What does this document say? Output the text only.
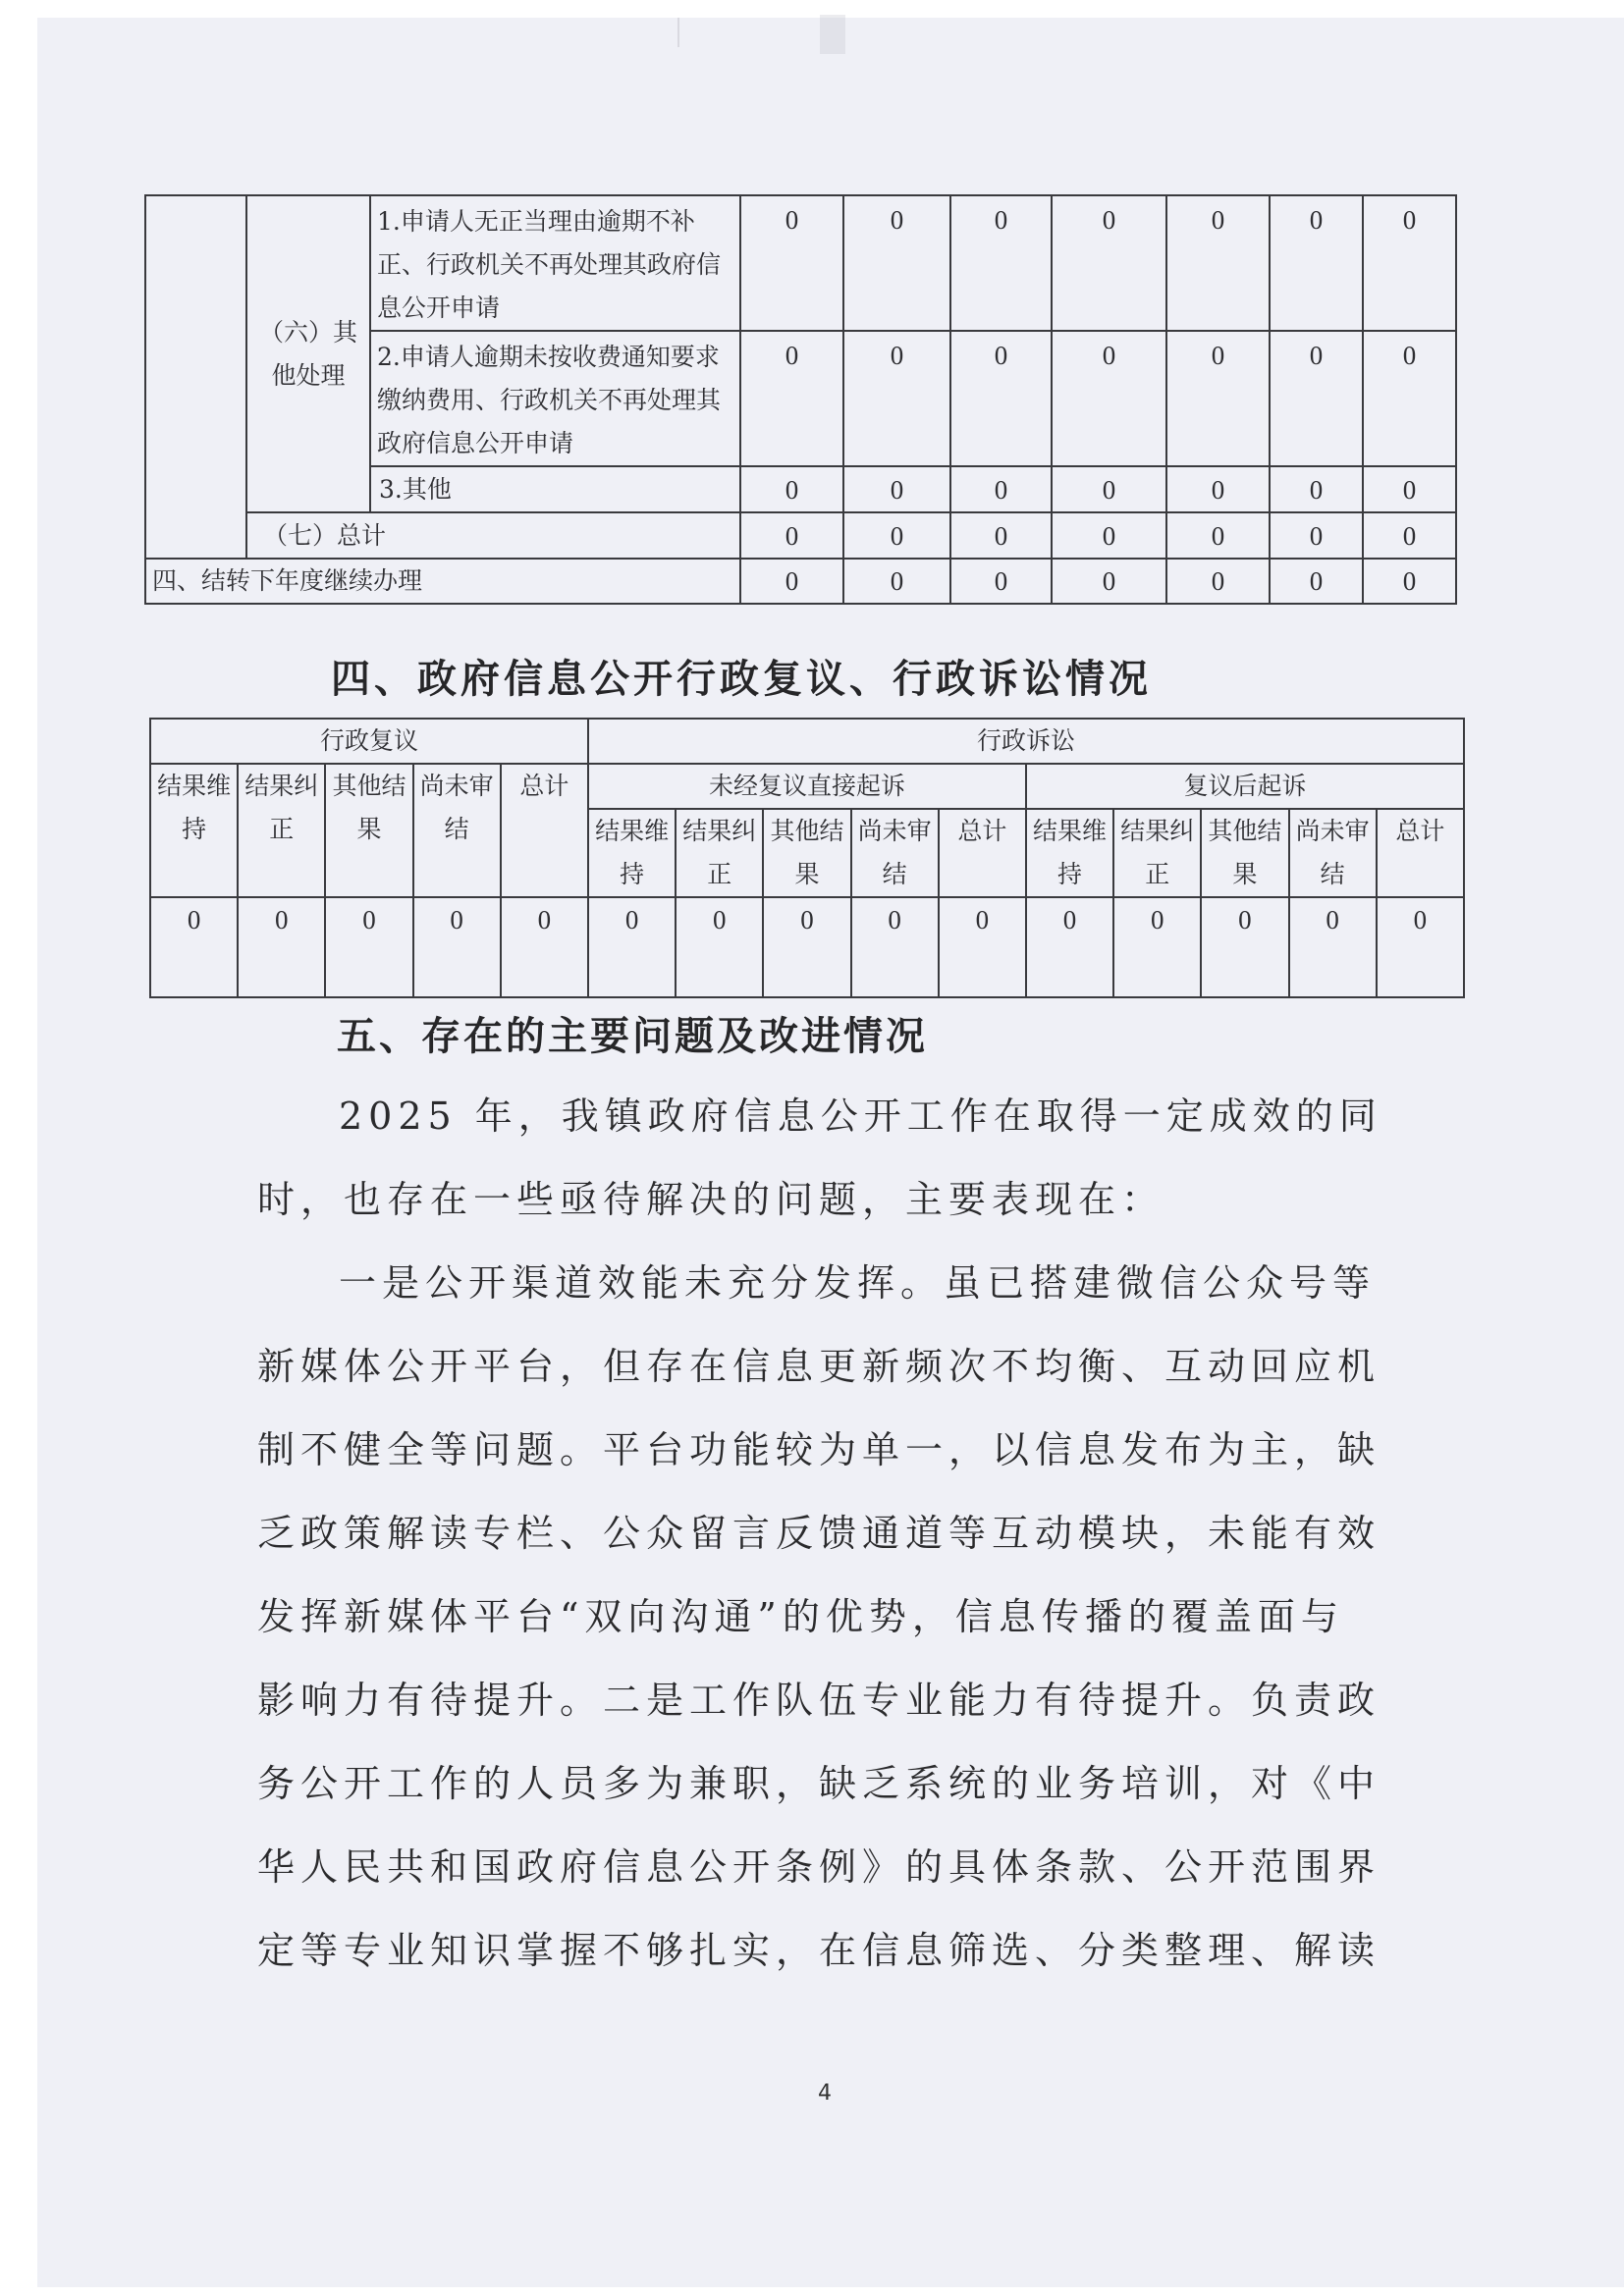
	（六）其他处理	1.申请人无正当理由逾期不补正、行政机关不再处理其政府信息公开申请	0	0	0	0	0	0	0
		2.申请人逾期未按收费通知要求缴纳费用、行政机关不再处理其政府信息公开申请	0	0	0	0	0	0	0
		3.其他	0	0	0	0	0	0	0
	（七）总计		0	0	0	0	0	0	0
四、结转下年度继续办理			0	0	0	0	0	0	0
四、政府信息公开行政复议、行政诉讼情况
行政复议					行政诉讼									
结果维持	结果纠正	其他结果	尚未审结	总计	未经复议直接起诉					复议后起诉				
					结果维持	结果纠正	其他结果	尚未审结	总计	结果维持	结果纠正	其他结果	尚未审结	总计
0	0	0	0	0	0	0	0	0	0	0	0	0	0	0
五、存在的主要问题及改进情况
2025 年，我镇政府信息公开工作在取得一定成效的同
时，也存在一些亟待解决的问题，主要表现在：
一是公开渠道效能未充分发挥。虽已搭建微信公众号等
新媒体公开平台，但存在信息更新频次不均衡、互动回应机
制不健全等问题。平台功能较为单一，以信息发布为主，缺
乏政策解读专栏、公众留言反馈通道等互动模块，未能有效
发挥新媒体平台“双向沟通”的优势，信息传播的覆盖面与
影响力有待提升。二是工作队伍专业能力有待提升。负责政
务公开工作的人员多为兼职，缺乏系统的业务培训，对《中
华人民共和国政府信息公开条例》的具体条款、公开范围界
定等专业知识掌握不够扎实，在信息筛选、分类整理、解读
4
